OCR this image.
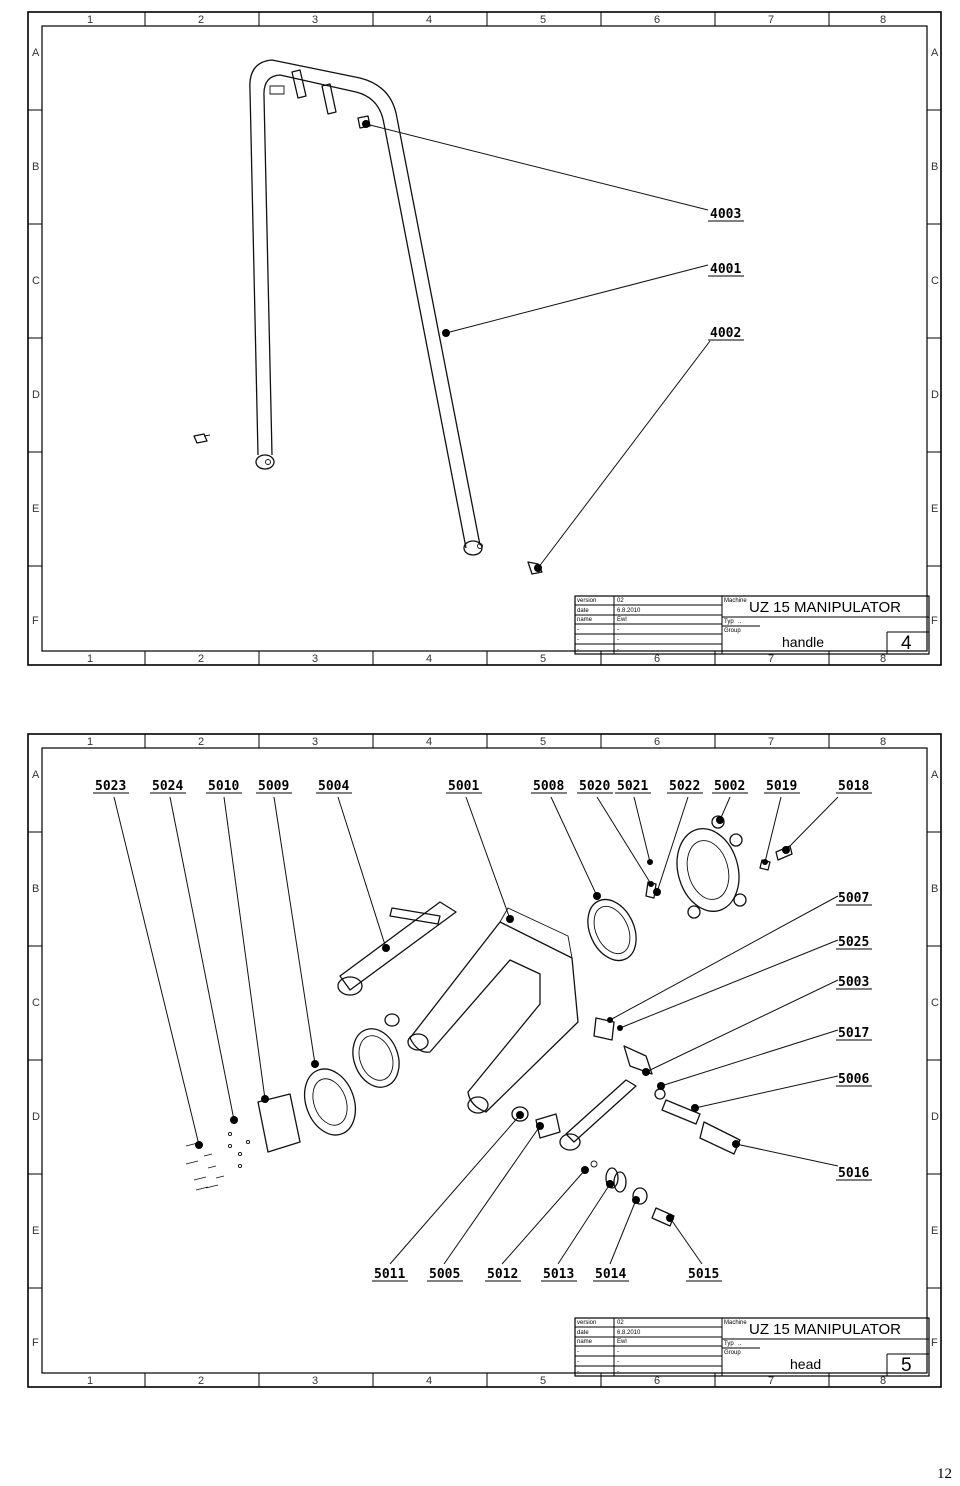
1	2	3	4	5	6	7	8
1	2	3	4	5	6	7	8
A
B
C
D
E
F
A
B
C
D
E
F
4003
4001
4002
version	02
date	6.8.2010
name	Ewl
-	-
-	-
-	-
Machine UZ 15 MANIPULATOR
Typ ..
Group
handle	4
1	2	3	4	5	6	7	8
1	2	3	4	5	6	7	8
A
B
C
D
E
F
A
B
C
D
E
F
5023 5024 5010 5009 5004	5001	5008 5020 5021 5022 5002 5019	5018
5007
5025
5003
5017
5006
5016
5011 5005 5012 5013 5014	5015
version	02
date	6.8.2010
name	Ewl
-	-
-	-
-	-
Machine UZ 15 MANIPULATOR
Typ ..
Group
head	5
12
